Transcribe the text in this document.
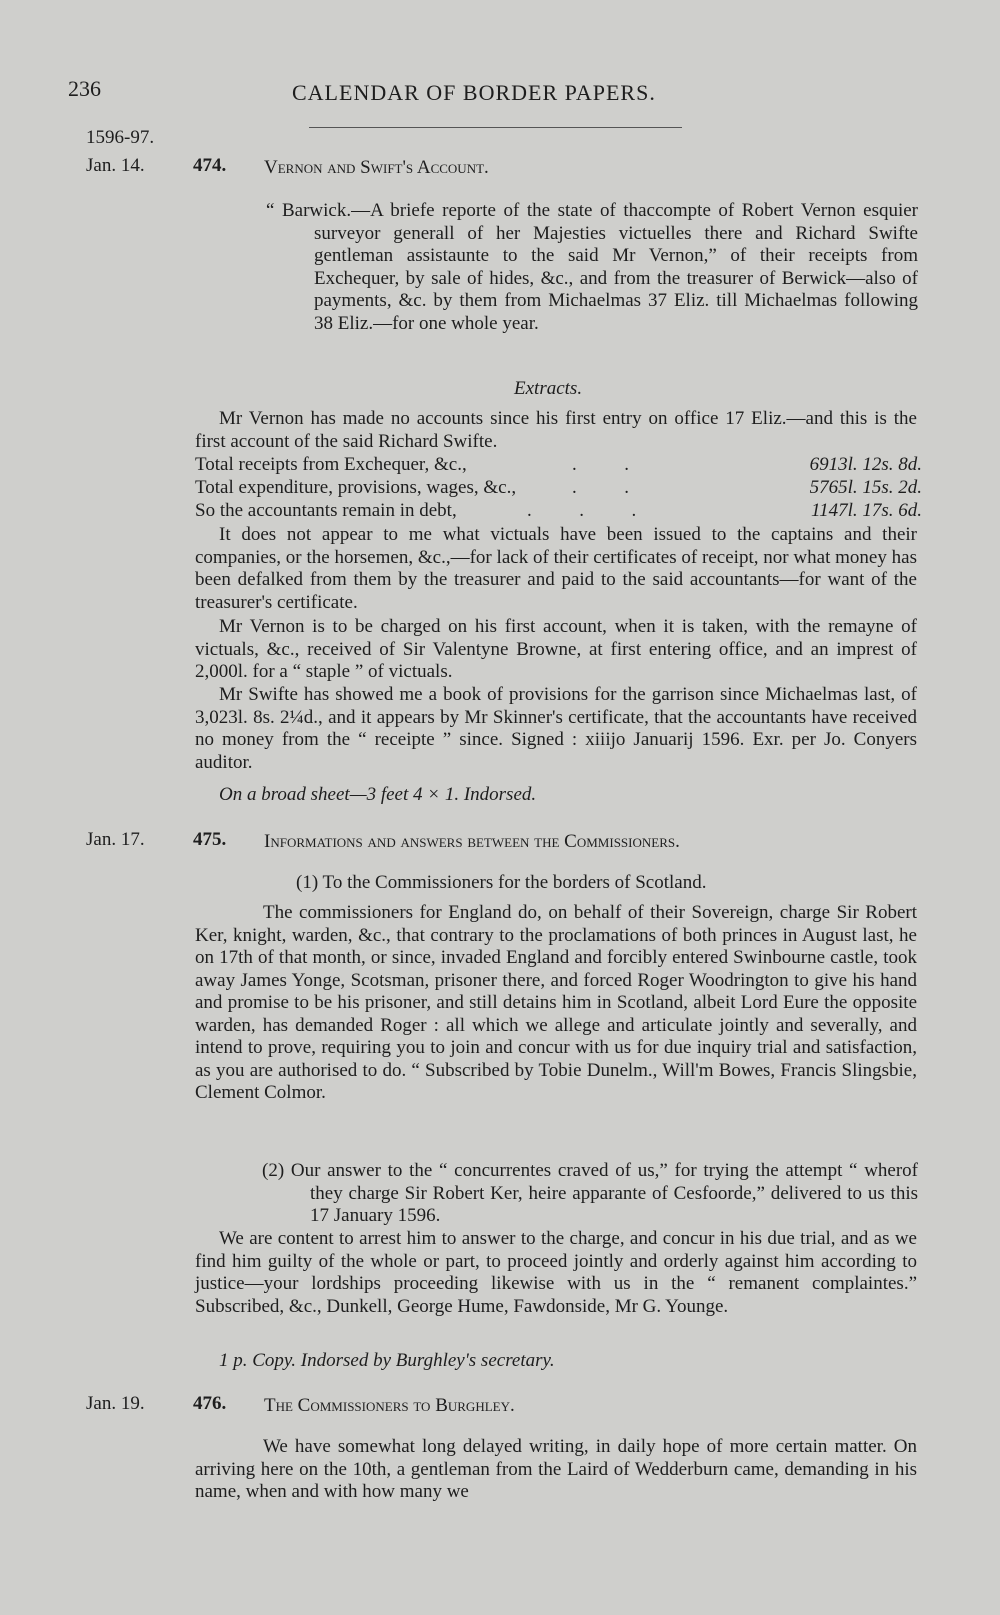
236	CALENDAR OF BORDER PAPERS.
1596-97.
Jan. 14.	474. Vernon and Swift's Account.
“ Barwick.—A briefe reporte of the state of thaccompte of Robert Vernon esquier surveyor generall of her Majesties victuelles there and Richard Swifte gentleman assistaunte to the said Mr Vernon,” of their receipts from Exchequer, by sale of hides, &c., and from the treasurer of Berwick—also of payments, &c. by them from Michaelmas 37 Eliz. till Michaelmas following 38 Eliz.—for one whole year.
Extracts.
Mr Vernon has made no accounts since his first entry on office 17 Eliz.—and this is the first account of the said Richard Swifte.
Total receipts from Exchequer, &c.,	.          .	6913l. 12s. 8d.
Total expenditure, provisions, wages, &c.,	.          .	5765l. 15s. 2d.
So the accountants remain in debt,	.          .          .	1147l. 17s. 6d.
It does not appear to me what victuals have been issued to the captains and their companies, or the horsemen, &c.,—for lack of their certificates of receipt, nor what money has been defalked from them by the treasurer and paid to the said accountants—for want of the treasurer's certificate.
Mr Vernon is to be charged on his first account, when it is taken, with the remayne of victuals, &c., received of Sir Valentyne Browne, at first entering office, and an imprest of 2,000l. for a “ staple ” of victuals.
Mr Swifte has showed me a book of provisions for the garrison since Michaelmas last, of 3,023l. 8s. 2¼d., and it appears by Mr Skinner's certificate, that the accountants have received no money from the “ receipte ” since. Signed : xiiijo Januarij 1596. Exr. per Jo. Conyers auditor.
On a broad sheet—3 feet 4 × 1. Indorsed.
Jan. 17.	475. Informations and answers between the Commissioners.
(1) To the Commissioners for the borders of Scotland.
The commissioners for England do, on behalf of their Sovereign, charge Sir Robert Ker, knight, warden, &c., that contrary to the proclamations of both princes in August last, he on 17th of that month, or since, invaded England and forcibly entered Swinbourne castle, took away James Yonge, Scotsman, prisoner there, and forced Roger Woodrington to give his hand and promise to be his prisoner, and still detains him in Scotland, albeit Lord Eure the opposite warden, has demanded Roger : all which we allege and articulate jointly and severally, and intend to prove, requiring you to join and concur with us for due inquiry trial and satisfaction, as you are authorised to do. “ Subscribed by Tobie Dunelm., Will'm Bowes, Francis Slingsbie, Clement Colmor.
(2) Our answer to the “ concurrentes craved of us,” for trying the attempt “ wherof they charge Sir Robert Ker, heire apparante of Cesfoorde,” delivered to us this 17 January 1596.
We are content to arrest him to answer to the charge, and concur in his due trial, and as we find him guilty of the whole or part, to proceed jointly and orderly against him according to justice—your lordships proceeding likewise with us in the “ remanent complaintes.” Subscribed, &c., Dunkell, George Hume, Fawdonside, Mr G. Younge.
1 p. Copy. Indorsed by Burghley's secretary.
Jan. 19.	476. The Commissioners to Burghley.
We have somewhat long delayed writing, in daily hope of more certain matter. On arriving here on the 10th, a gentleman from the Laird of Wedderburn came, demanding in his name, when and with how many we
